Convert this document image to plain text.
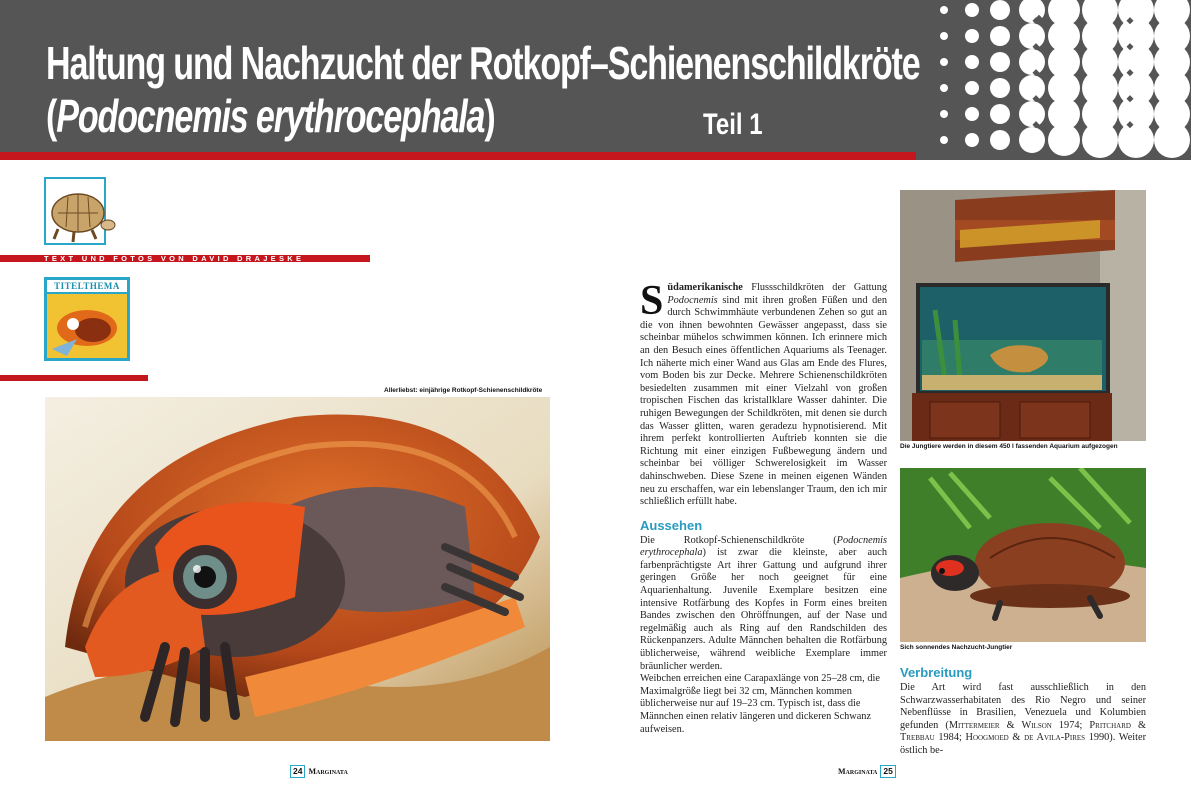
Haltung und Nachzucht der Rotkopf–Schienenschildkröte
(Podocnemis erythrocephala)	Teil 1
TEXT UND FOTOS VON DAVID DRAJESKE
TITELTHEMA
Allerliebst: einjährige Rotkopf-Schienenschildkröte

Südamerikanische Flussschildkröten der Gattung Podocnemis sind mit ihren großen Füßen und den durch Schwimmhäute verbundenen Zehen so gut an die von ihnen bewohnten Gewässer angepasst, dass sie scheinbar mühelos schwimmen können. Ich erinnere mich an den Besuch eines öffentlichen Aquariums als Teenager. Ich näherte mich einer Wand aus Glas am Ende des Flures, vom Boden bis zur Decke. Mehrere Schienenschildkröten besiedelten zusammen mit einer Vielzahl von großen tropischen Fischen das kristallklare Wasser dahinter. Die ruhigen Bewegungen der Schildkröten, mit denen sie durch das Wasser glitten, waren geradezu hypnotisierend. Mit ihrem perfekt kontrollierten Auftrieb konnten sie die Richtung mit einer einzigen Fußbewegung ändern und scheinbar bei völliger Schwerelosigkeit im Wasser dahinschweben. Diese Szene in meinen eigenen Wänden neu zu erschaffen, war ein lebenslanger Traum, den ich mir schließlich erfüllt habe.

Aussehen

Die Rotkopf-Schienenschildkröte (Podocnemis erythrocephala) ist zwar die kleinste, aber auch farbenprächtigste Art ihrer Gattung und aufgrund ihrer geringen Größe her noch geeignet für eine Aquarienhaltung. Juvenile Exemplare besitzen eine intensive Rotfärbung des Kopfes in Form eines breiten Bandes zwischen den Ohröffnungen, auf der Nase und regelmäßig auch als Ring auf den Randschilden des Rückenpanzers. Adulte Männchen behalten die Rotfärbung üblicherweise, während weibliche Exemplare immer bräunlicher werden.

Weibchen erreichen eine Carapaxlänge von 25–28 cm, die Maximalgröße liegt bei 32 cm, Männchen kommen üblicherweise nur auf 19–23 cm. Typisch ist, dass die Männchen einen relativ längeren und dickeren Schwanz aufweisen.

Die Jungtiere werden in diesem 450 l fassenden Aquarium aufgezogen
Sich sonnendes Nachzucht-Jungtier
Verbreitung

Die Art wird fast ausschließlich in den Schwarzwasserhabitaten des Rio Negro und seiner Nebenflüsse in Brasilien, Venezuela und Kolumbien gefunden (Mittermeier & Wilson 1974; Pritchard & Trebbau 1984; Hoogmoed & de Avila-Pires 1990). Weiter östlich be-

24 Marginata	Marginata 25
